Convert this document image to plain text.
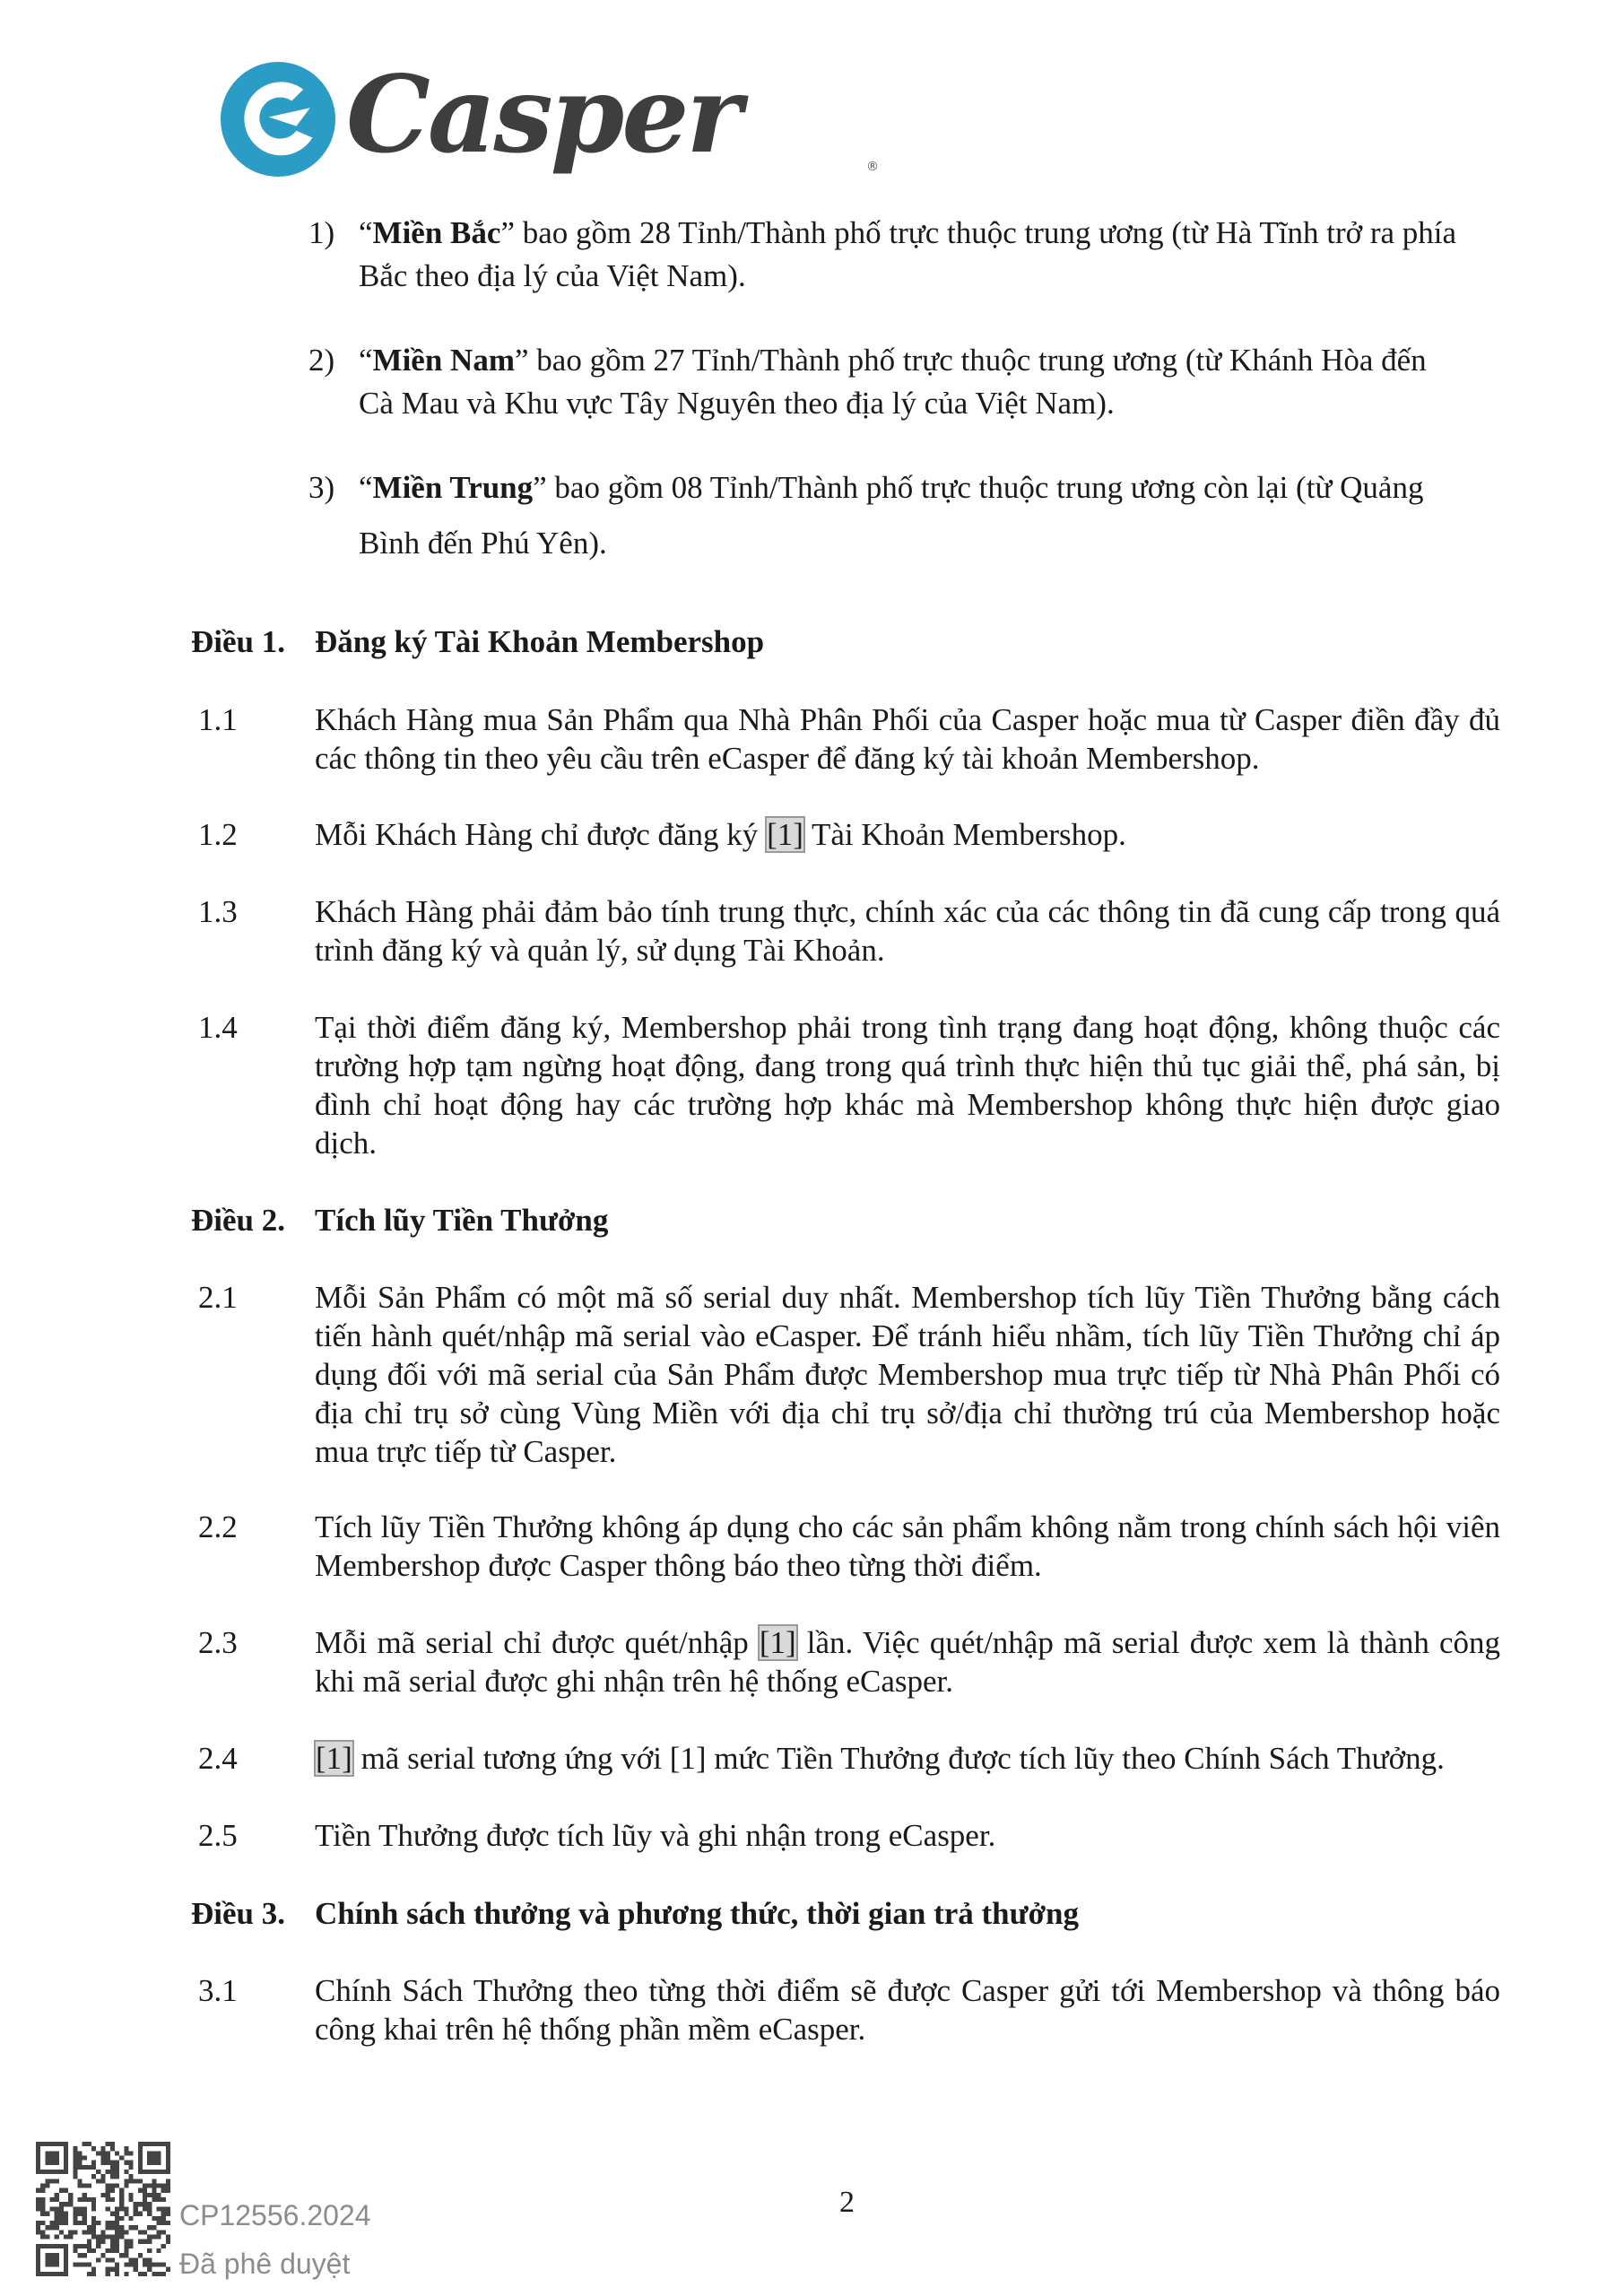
Casper	®
1) “Miền Bắc” bao gồm 28 Tỉnh/Thành phố trực thuộc trung ương (từ Hà Tĩnh trở ra phía
Bắc theo địa lý của Việt Nam).
2) “Miền Nam” bao gồm 27 Tỉnh/Thành phố trực thuộc trung ương (từ Khánh Hòa đến
Cà Mau và Khu vực Tây Nguyên theo địa lý của Việt Nam).
3) “Miền Trung” bao gồm 08 Tỉnh/Thành phố trực thuộc trung ương còn lại (từ Quảng
Bình đến Phú Yên).
Điều 1. Đăng ký Tài Khoản Membershop
1.1 Khách Hàng mua Sản Phẩm qua Nhà Phân Phối của Casper hoặc mua từ Casper điền đầy đủ các thông tin theo yêu cầu trên eCasper để đăng ký tài khoản Membershop.
1.2 Mỗi Khách Hàng chỉ được đăng ký [1] Tài Khoản Membershop.
1.3 Khách Hàng phải đảm bảo tính trung thực, chính xác của các thông tin đã cung cấp trong quá trình đăng ký và quản lý, sử dụng Tài Khoản.
1.4 Tại thời điểm đăng ký, Membershop phải trong tình trạng đang hoạt động, không thuộc các trường hợp tạm ngừng hoạt động, đang trong quá trình thực hiện thủ tục giải thể, phá sản, bị đình chỉ hoạt động hay các trường hợp khác mà Membershop không thực hiện được giao dịch.
Điều 2. Tích lũy Tiền Thưởng
2.1 Mỗi Sản Phẩm có một mã số serial duy nhất. Membershop tích lũy Tiền Thưởng bằng cách tiến hành quét/nhập mã serial vào eCasper. Để tránh hiểu nhầm, tích lũy Tiền Thưởng chỉ áp dụng đối với mã serial của Sản Phẩm được Membershop mua trực tiếp từ Nhà Phân Phối có địa chỉ trụ sở cùng Vùng Miền với địa chỉ trụ sở/địa chỉ thường trú của Membershop hoặc mua trực tiếp từ Casper.
2.2 Tích lũy Tiền Thưởng không áp dụng cho các sản phẩm không nằm trong chính sách hội viên Membershop được Casper thông báo theo từng thời điểm.
2.3 Mỗi mã serial chỉ được quét/nhập [1] lần. Việc quét/nhập mã serial được xem là thành công khi mã serial được ghi nhận trên hệ thống eCasper.
2.4 [1] mã serial tương ứng với [1] mức Tiền Thưởng được tích lũy theo Chính Sách Thưởng.
2.5 Tiền Thưởng được tích lũy và ghi nhận trong eCasper.
Điều 3. Chính sách thưởng và phương thức, thời gian trả thưởng
3.1 Chính Sách Thưởng theo từng thời điểm sẽ được Casper gửi tới Membershop và thông báo công khai trên hệ thống phần mềm eCasper.
CP12556.2024
Đã phê duyệt
2
